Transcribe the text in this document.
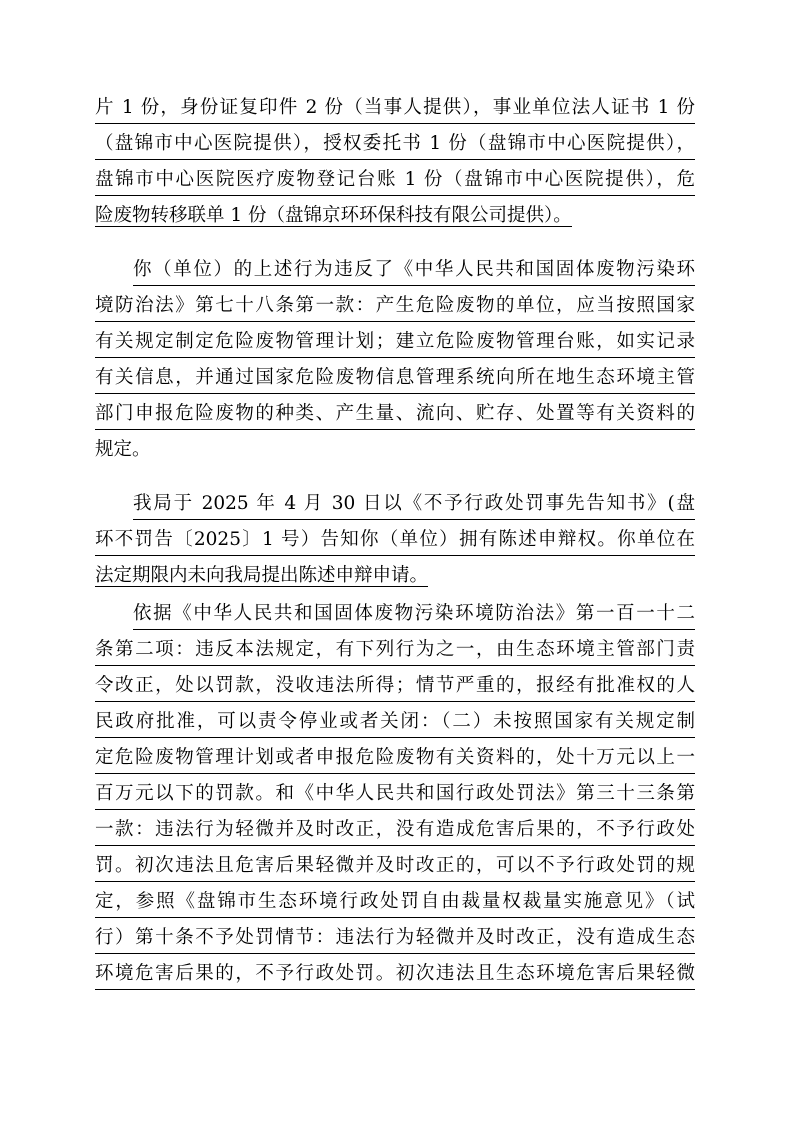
片 1 份，身份证复印件 2 份（当事人提供），事业单位法人证书 1 份
（盘锦市中心医院提供），授权委托书 1 份（盘锦市中心医院提供），
盘锦市中心医院医疗废物登记台账 1 份（盘锦市中心医院提供），危
险废物转移联单 1 份（盘锦京环环保科技有限公司提供）。
你（单位）的上述行为违反了《中华人民共和国固体废物污染环
境防治法》第七十八条第一款：产生危险废物的单位，应当按照国家
有关规定制定危险废物管理计划；建立危险废物管理台账，如实记录
有关信息，并通过国家危险废物信息管理系统向所在地生态环境主管
部门申报危险废物的种类、产生量、流向、贮存、处置等有关资料的
规定。
我局于 2025 年 4 月 30 日以《不予行政处罚事先告知书》(盘
环不罚告〔2025〕1 号）告知你（单位）拥有陈述申辩权。你单位在
法定期限内未向我局提出陈述申辩申请。
依据《中华人民共和国固体废物污染环境防治法》第一百一十二
条第二项：违反本法规定，有下列行为之一，由生态环境主管部门责
令改正，处以罚款，没收违法所得；情节严重的，报经有批准权的人
民政府批准，可以责令停业或者关闭：（二）未按照国家有关规定制
定危险废物管理计划或者申报危险废物有关资料的，处十万元以上一
百万元以下的罚款。和《中华人民共和国行政处罚法》第三十三条第
一款：违法行为轻微并及时改正，没有造成危害后果的，不予行政处
罚。初次违法且危害后果轻微并及时改正的，可以不予行政处罚的规
定，参照《盘锦市生态环境行政处罚自由裁量权裁量实施意见》（试
行）第十条不予处罚情节：违法行为轻微并及时改正，没有造成生态
环境危害后果的，不予行政处罚。初次违法且生态环境危害后果轻微
